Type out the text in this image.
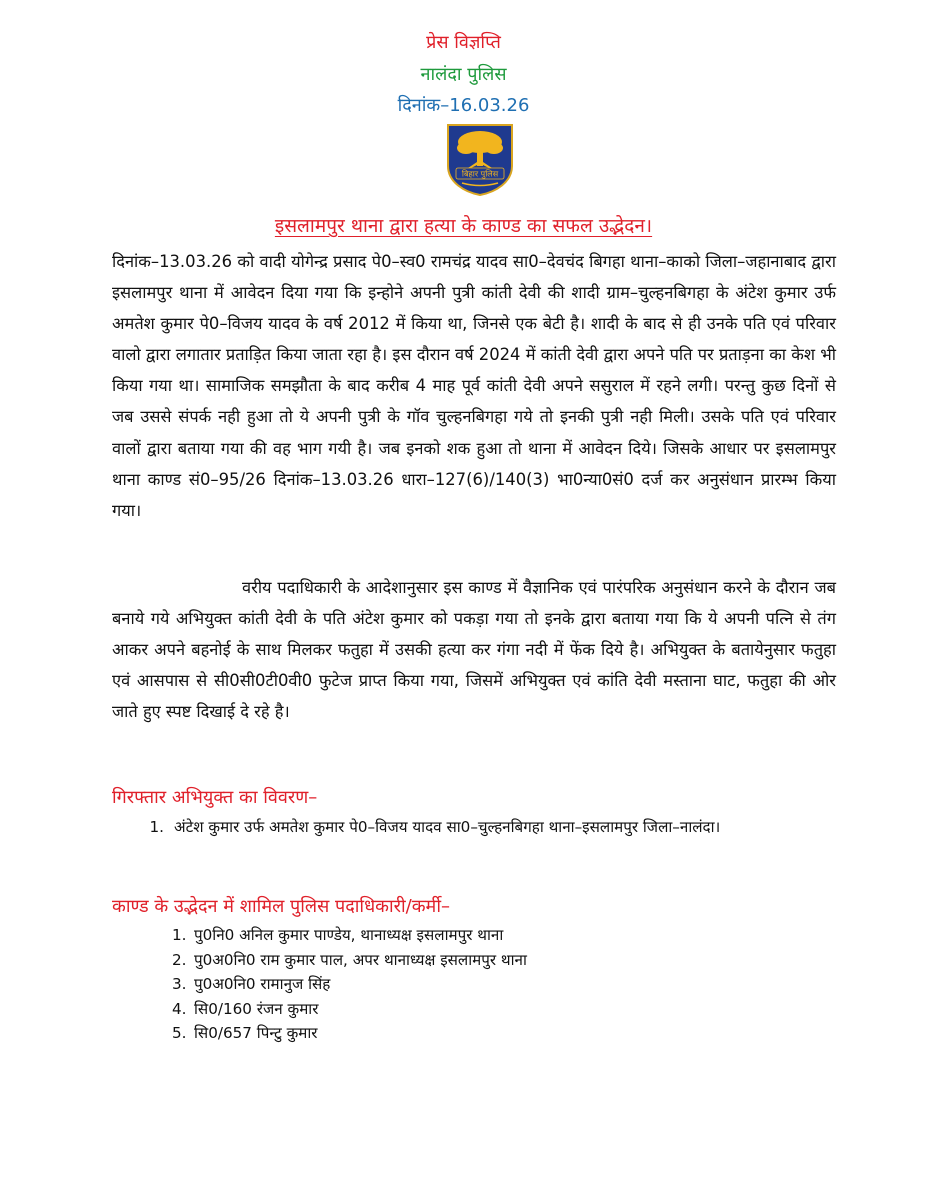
प्रेस विज्ञप्ति
नालंदा पुलिस
दिनांक–16.03.26
बिहार पुलिस
इसलामपुर थाना द्वारा हत्या के काण्ड का सफल उद्भेदन।

दिनांक–13.03.26 को वादी योगेन्द्र प्रसाद पे0–स्व0 रामचंद्र यादव सा0–देवचंद बिगहा थाना–काको जिला–जहानाबाद द्वारा इसलामपुर थाना में आवेदन दिया गया कि इन्होने अपनी पुत्री कांती देवी की शादी ग्राम–चुल्हनबिगहा के अंटेश कुमार उर्फ अमतेश कुमार पे0–विजय यादव के वर्ष 2012 में किया था, जिनसे एक बेटी है। शादी के बाद से ही उनके पति एवं परिवार वालो द्वारा लगातार प्रताड़ित किया जाता रहा है। इस दौरान वर्ष 2024 में कांती देवी द्वारा अपने पति पर प्रताड़ना का केश भी किया गया था। सामाजिक समझौता के बाद करीब 4 माह पूर्व कांती देवी अपने ससुराल में रहने लगी। परन्तु कुछ दिनों से जब उससे संपर्क नही हुआ तो ये अपनी पुत्री के गॉव चुल्हनबिगहा गये तो इनकी पुत्री नही मिली। उसके पति एवं परिवार वालों द्वारा बताया गया की वह भाग गयी है। जब इनको शक हुआ तो थाना में आवेदन दिये। जिसके आधार पर इसलामपुर थाना काण्ड सं0–95/26 दिनांक–13.03.26 धारा–127(6)/140(3) भा0न्या0सं0 दर्ज कर अनुसंधान प्रारम्भ किया गया।

वरीय पदाधिकारी के आदेशानुसार इस काण्ड में वैज्ञानिक एवं पारंपरिक अनुसंधान करने के दौरान जब बनाये गये अभियुक्त कांती देवी के पति अंटेश कुमार को पकड़ा गया तो इनके द्वारा बताया गया कि ये अपनी पत्नि से तंग आकर अपने बहनोई के साथ मिलकर फतुहा में उसकी हत्या कर गंगा नदी में फेंक दिये है। अभियुक्त के बतायेनुसार फतुहा एवं आसपास से सी0सी0टी0वी0 फुटेज प्राप्त किया गया, जिसमें अभियुक्त एवं कांति देवी मस्ताना घाट, फतुहा की ओर जाते हुए स्पष्ट दिखाई दे रहे है।

गिरफ्तार अभियुक्त का विवरण–

1. अंटेश कुमार उर्फ अमतेश कुमार पे0–विजय यादव सा0–चुल्हनबिगहा थाना–इसलामपुर जिला–नालंदा।

काण्ड के उद्भेदन में शामिल पुलिस पदाधिकारी/कर्मी–
1. पु0नि0 अनिल कुमार पाण्डेय, थानाध्यक्ष इसलामपुर थाना
2. पु0अ0नि0 राम कुमार पाल, अपर थानाध्यक्ष इसलामपुर थाना
3. पु0अ0नि0 रामानुज सिंह
4. सि0/160 रंजन कुमार
5. सि0/657 पिन्टु कुमार
